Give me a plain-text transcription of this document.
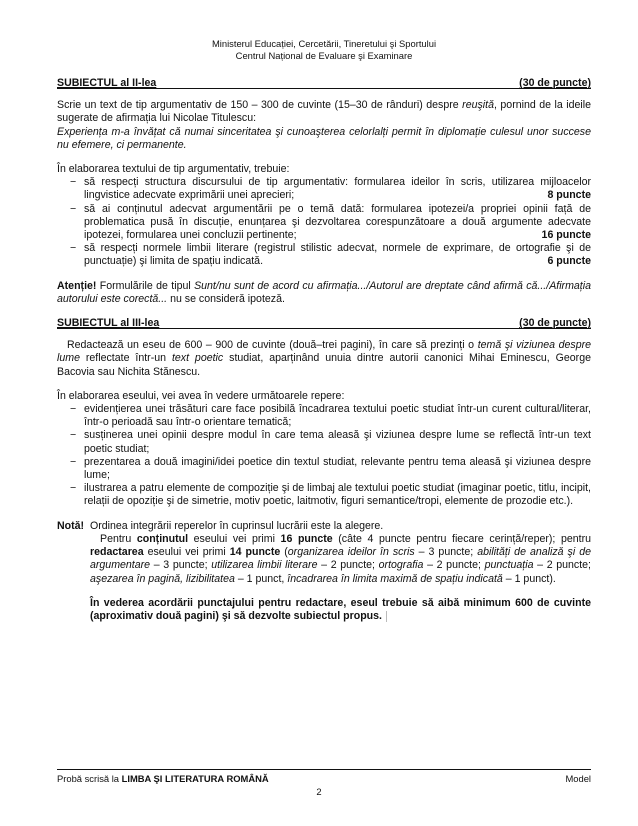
Ministerul Educației, Cercetării, Tineretului şi Sportului
Centrul Național de Evaluare şi Examinare
SUBIECTUL al II-lea	(30 de puncte)

Scrie un text de tip argumentativ de 150 – 300 de cuvinte (15–30 de rânduri) despre reuşită, pornind de la ideile sugerate de afirmația lui Nicolae Titulescu:

Experiența m-a învățat că numai sinceritatea şi cunoaşterea celorlalți permit în diplomație culesul unor succese nu efemere, ci permanente.

În elaborarea textului de tip argumentativ, trebuie:

− să respecți structura discursului de tip argumentativ: formularea ideilor în scris, utilizarea mijloacelor lingvistice adecvate exprimării unei aprecieri;	8 puncte
− să ai conținutul adecvat argumentării pe o temă dată: formularea ipotezei/a propriei opinii față de problematica pusă în discuție, enunțarea şi dezvoltarea corespunzătoare a două argumente adecvate ipotezei, formularea unei concluzii pertinente;	16 puncte
− să respecți normele limbii literare (registrul stilistic adecvat, normele de exprimare, de ortografie şi de punctuație) şi limita de spațiu indicată.	6 puncte

Atenție! Formulările de tipul Sunt/nu sunt de acord cu afirmația.../Autorul are dreptate când afirmă că.../Afirmația autorului este corectă... nu se consideră ipoteză.

SUBIECTUL al III-lea	(30 de puncte)

Redactează un eseu de 600 – 900 de cuvinte (două–trei pagini), în care să prezinți o temă şi viziunea despre lume reflectate într-un text poetic studiat, aparținând unuia dintre autorii canonici Mihai Eminescu, George Bacovia sau Nichita Stănescu.

În elaborarea eseului, vei avea în vedere următoarele repere:

− evidențierea unei trăsături care face posibilă încadrarea textului poetic studiat într-un curent cultural/literar, într-o perioadă sau într-o orientare tematică;
− susținerea unei opinii despre modul în care tema aleasă şi viziunea despre lume se reflectă într-un text poetic studiat;
− prezentarea a două imagini/idei poetice din textul studiat, relevante pentru tema aleasă şi viziunea despre lume;
− ilustrarea a patru elemente de compoziție şi de limbaj ale textului poetic studiat (imaginar poetic, titlu, incipit, relații de opoziție şi de simetrie, motiv poetic, laitmotiv, figuri semantice/tropi, elemente de prozodie etc.).
Notă! Ordinea integrării reperelor în cuprinsul lucrării este la alegere.

Pentru conținutul eseului vei primi 16 puncte (câte 4 puncte pentru fiecare cerință/reper); pentru redactarea eseului vei primi 14 puncte (organizarea ideilor în scris – 3 puncte; abilități de analiză şi de argumentare – 3 puncte; utilizarea limbii literare – 2 puncte; ortografia – 2 puncte; punctuația – 2 puncte; aşezarea în pagină, lizibilitatea – 1 punct, încadrarea în limita maximă de spațiu indicată – 1 punct).

În vederea acordării punctajului pentru redactare, eseul trebuie să aibă minimum 600 de cuvinte (aproximativ două pagini) şi să dezvolte subiectul propus.

Probă scrisă la LIMBA ŞI LITERATURA ROMÂNĂ	Model
2
